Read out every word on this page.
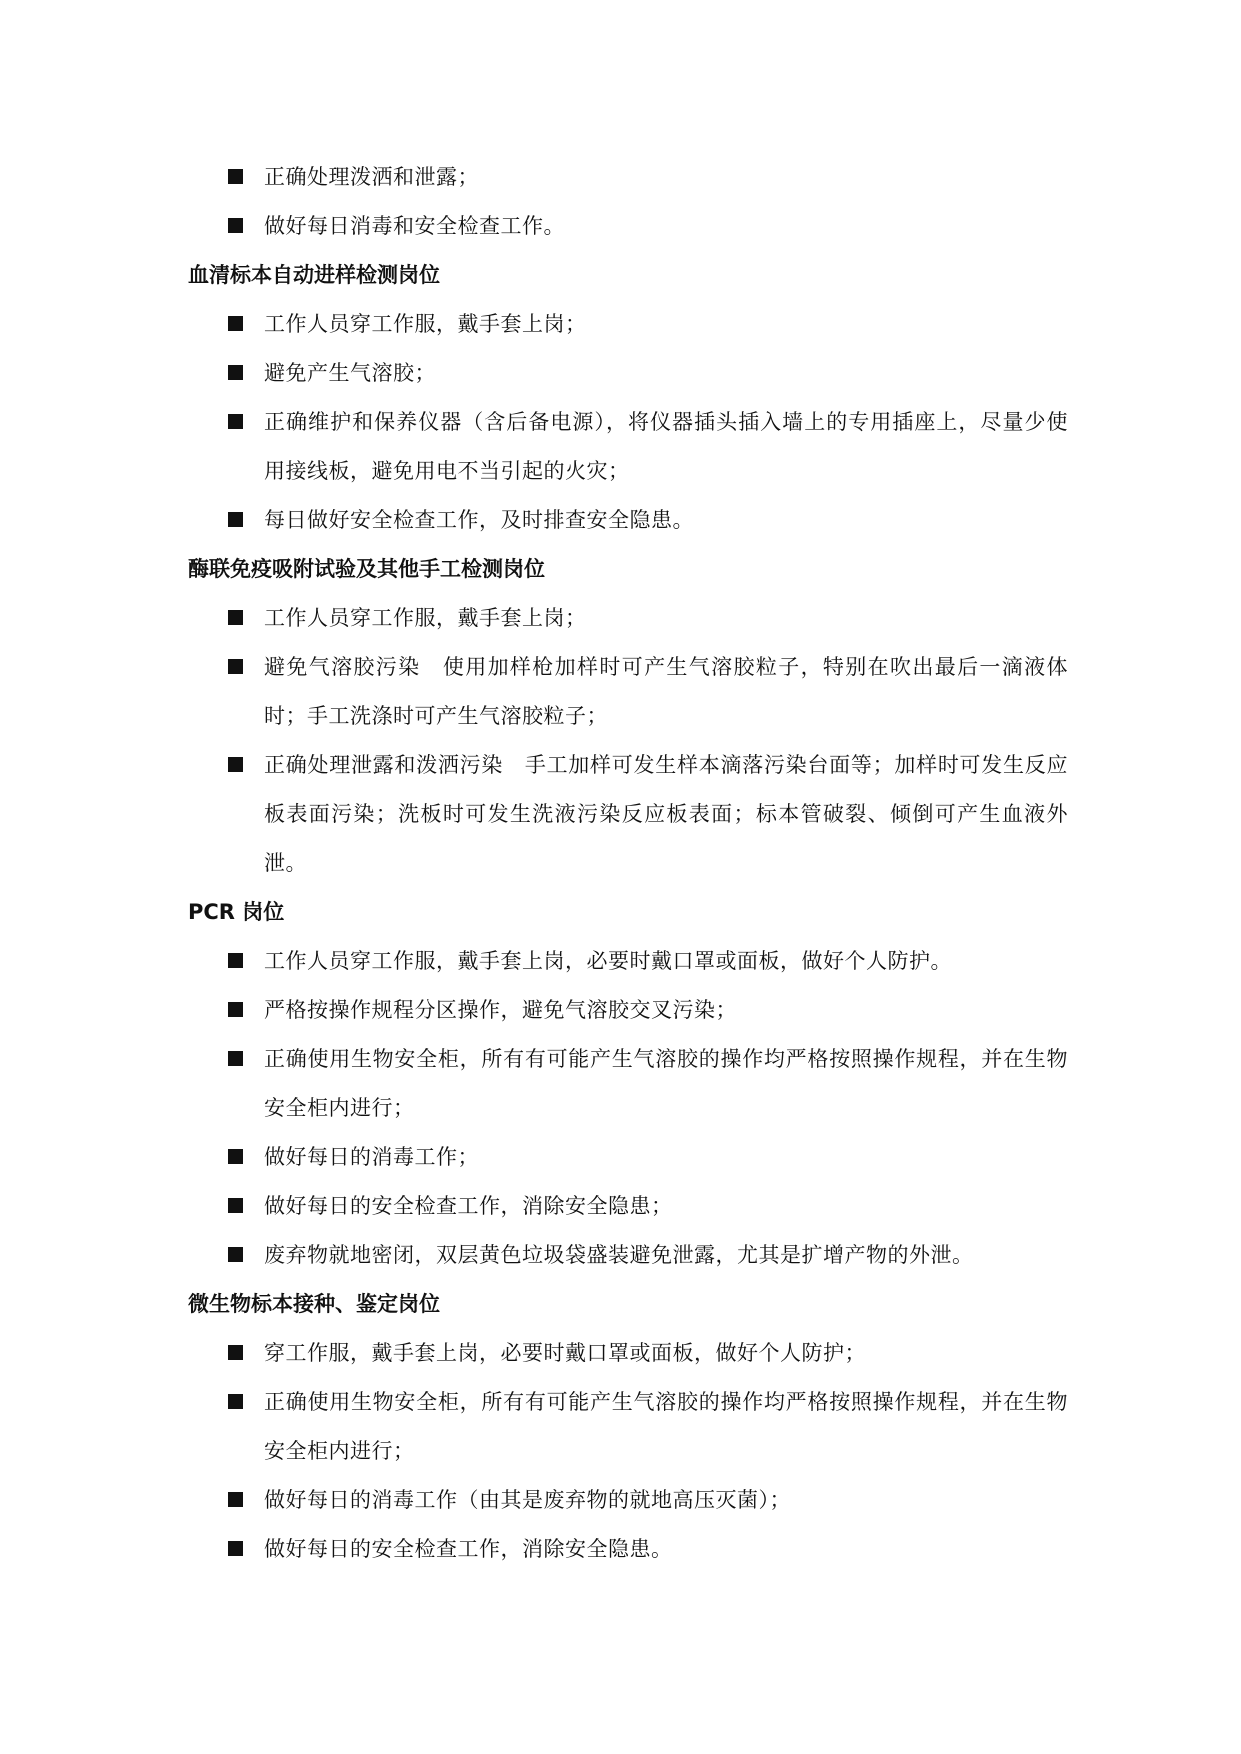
正确处理泼洒和泄露；
做好每日消毒和安全检查工作。

血清标本自动进样检测岗位

工作人员穿工作服，戴手套上岗；
避免产生气溶胶；
正确维护和保养仪器（含后备电源），将仪器插头插入墙上的专用插座上，尽量少使用接线板，避免用电不当引起的火灾；
每日做好安全检查工作，及时排查安全隐患。

酶联免疫吸附试验及其他手工检测岗位

工作人员穿工作服，戴手套上岗；
避免气溶胶污染　使用加样枪加样时可产生气溶胶粒子，特别在吹出最后一滴液体时；手工洗涤时可产生气溶胶粒子；
正确处理泄露和泼洒污染　手工加样可发生样本滴落污染台面等；加样时可发生反应板表面污染；洗板时可发生洗液污染反应板表面；标本管破裂、倾倒可产生血液外泄。

PCR 岗位

工作人员穿工作服，戴手套上岗，必要时戴口罩或面板，做好个人防护。
严格按操作规程分区操作，避免气溶胶交叉污染；
正确使用生物安全柜，所有有可能产生气溶胶的操作均严格按照操作规程，并在生物安全柜内进行；
做好每日的消毒工作；
做好每日的安全检查工作，消除安全隐患；
废弃物就地密闭，双层黄色垃圾袋盛装避免泄露，尤其是扩增产物的外泄。

微生物标本接种、鉴定岗位

穿工作服，戴手套上岗，必要时戴口罩或面板，做好个人防护；
正确使用生物安全柜，所有有可能产生气溶胶的操作均严格按照操作规程，并在生物安全柜内进行；
做好每日的消毒工作（由其是废弃物的就地高压灭菌）；
做好每日的安全检查工作，消除安全隐患。
